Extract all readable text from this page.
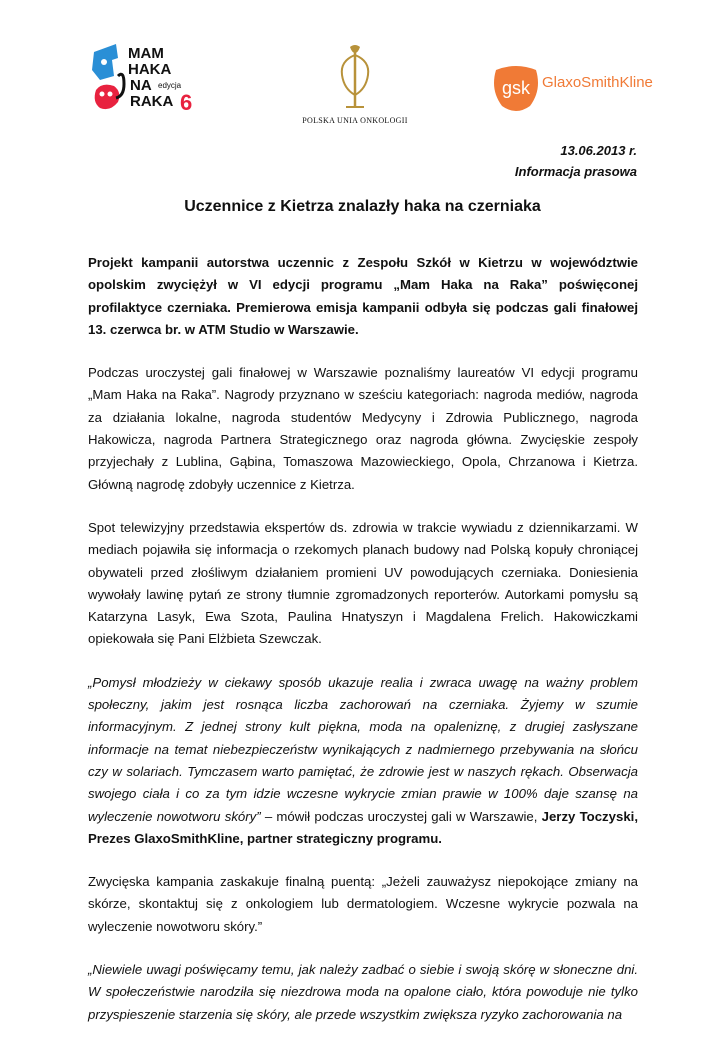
MAM
HAKA
NA edycja
RAKA 6
POLSKA UNIA ONKOLOGII
gsk GlaxoSmithKline
13.06.2013 r.
Informacja prasowa
Uczennice z Kietrza znalazły haka na czerniaka

Projekt kampanii autorstwa uczennic z Zespołu Szkół w Kietrzu w województwie opolskim zwyciężył w VI edycji programu „Mam Haka na Raka” poświęconej profilaktyce czerniaka. Premierowa emisja kampanii odbyła się podczas gali finałowej 13. czerwca br. w ATM Studio w Warszawie.

Podczas uroczystej gali finałowej w Warszawie poznaliśmy laureatów VI edycji programu „Mam Haka na Raka”. Nagrody przyznano w sześciu kategoriach: nagroda mediów, nagroda za działania lokalne, nagroda studentów Medycyny i Zdrowia Publicznego, nagroda Hakowicza, nagroda Partnera Strategicznego oraz nagroda główna. Zwycięskie zespoły przyjechały z Lublina, Gąbina, Tomaszowa Mazowieckiego, Opola, Chrzanowa i Kietrza. Główną nagrodę zdobyły uczennice z Kietrza.

Spot telewizyjny przedstawia ekspertów ds. zdrowia w trakcie wywiadu z dziennikarzami. W mediach pojawiła się informacja o rzekomych planach budowy nad Polską kopuły chroniącej obywateli przed złośliwym działaniem promieni UV powodujących czerniaka. Doniesienia wywołały lawinę pytań ze strony tłumnie zgromadzonych reporterów. Autorkami pomysłu są Katarzyna Lasyk, Ewa Szota, Paulina Hnatyszyn i Magdalena Frelich. Hakowiczkami opiekowała się Pani Elżbieta Szewczak.

„Pomysł młodzieży w ciekawy sposób ukazuje realia i zwraca uwagę na ważny problem społeczny, jakim jest rosnąca liczba zachorowań na czerniaka. Żyjemy w szumie informacyjnym. Z jednej strony kult piękna, moda na opaleniznę, z drugiej zasłyszane informacje na temat niebezpieczeństw wynikających z nadmiernego przebywania na słońcu czy w solariach. Tymczasem warto pamiętać, że zdrowie jest w naszych rękach. Obserwacja swojego ciała i co za tym idzie wczesne wykrycie zmian prawie w 100% daje szansę na wyleczenie nowotworu skóry” – mówił podczas uroczystej gali w Warszawie, Jerzy Toczyski, Prezes GlaxoSmithKline, partner strategiczny programu.

Zwycięska kampania zaskakuje finalną puentą: „Jeżeli zauważysz niepokojące zmiany na skórze, skontaktuj się z onkologiem lub dermatologiem. Wczesne wykrycie pozwala na wyleczenie nowotworu skóry.”

„Niewiele uwagi poświęcamy temu, jak należy zadbać o siebie i swoją skórę w słoneczne dni. W społeczeństwie narodziła się niezdrowa moda na opalone ciało, która powoduje nie tylko przyspieszenie starzenia się skóry, ale przede wszystkim zwiększa ryzyko zachorowania na
